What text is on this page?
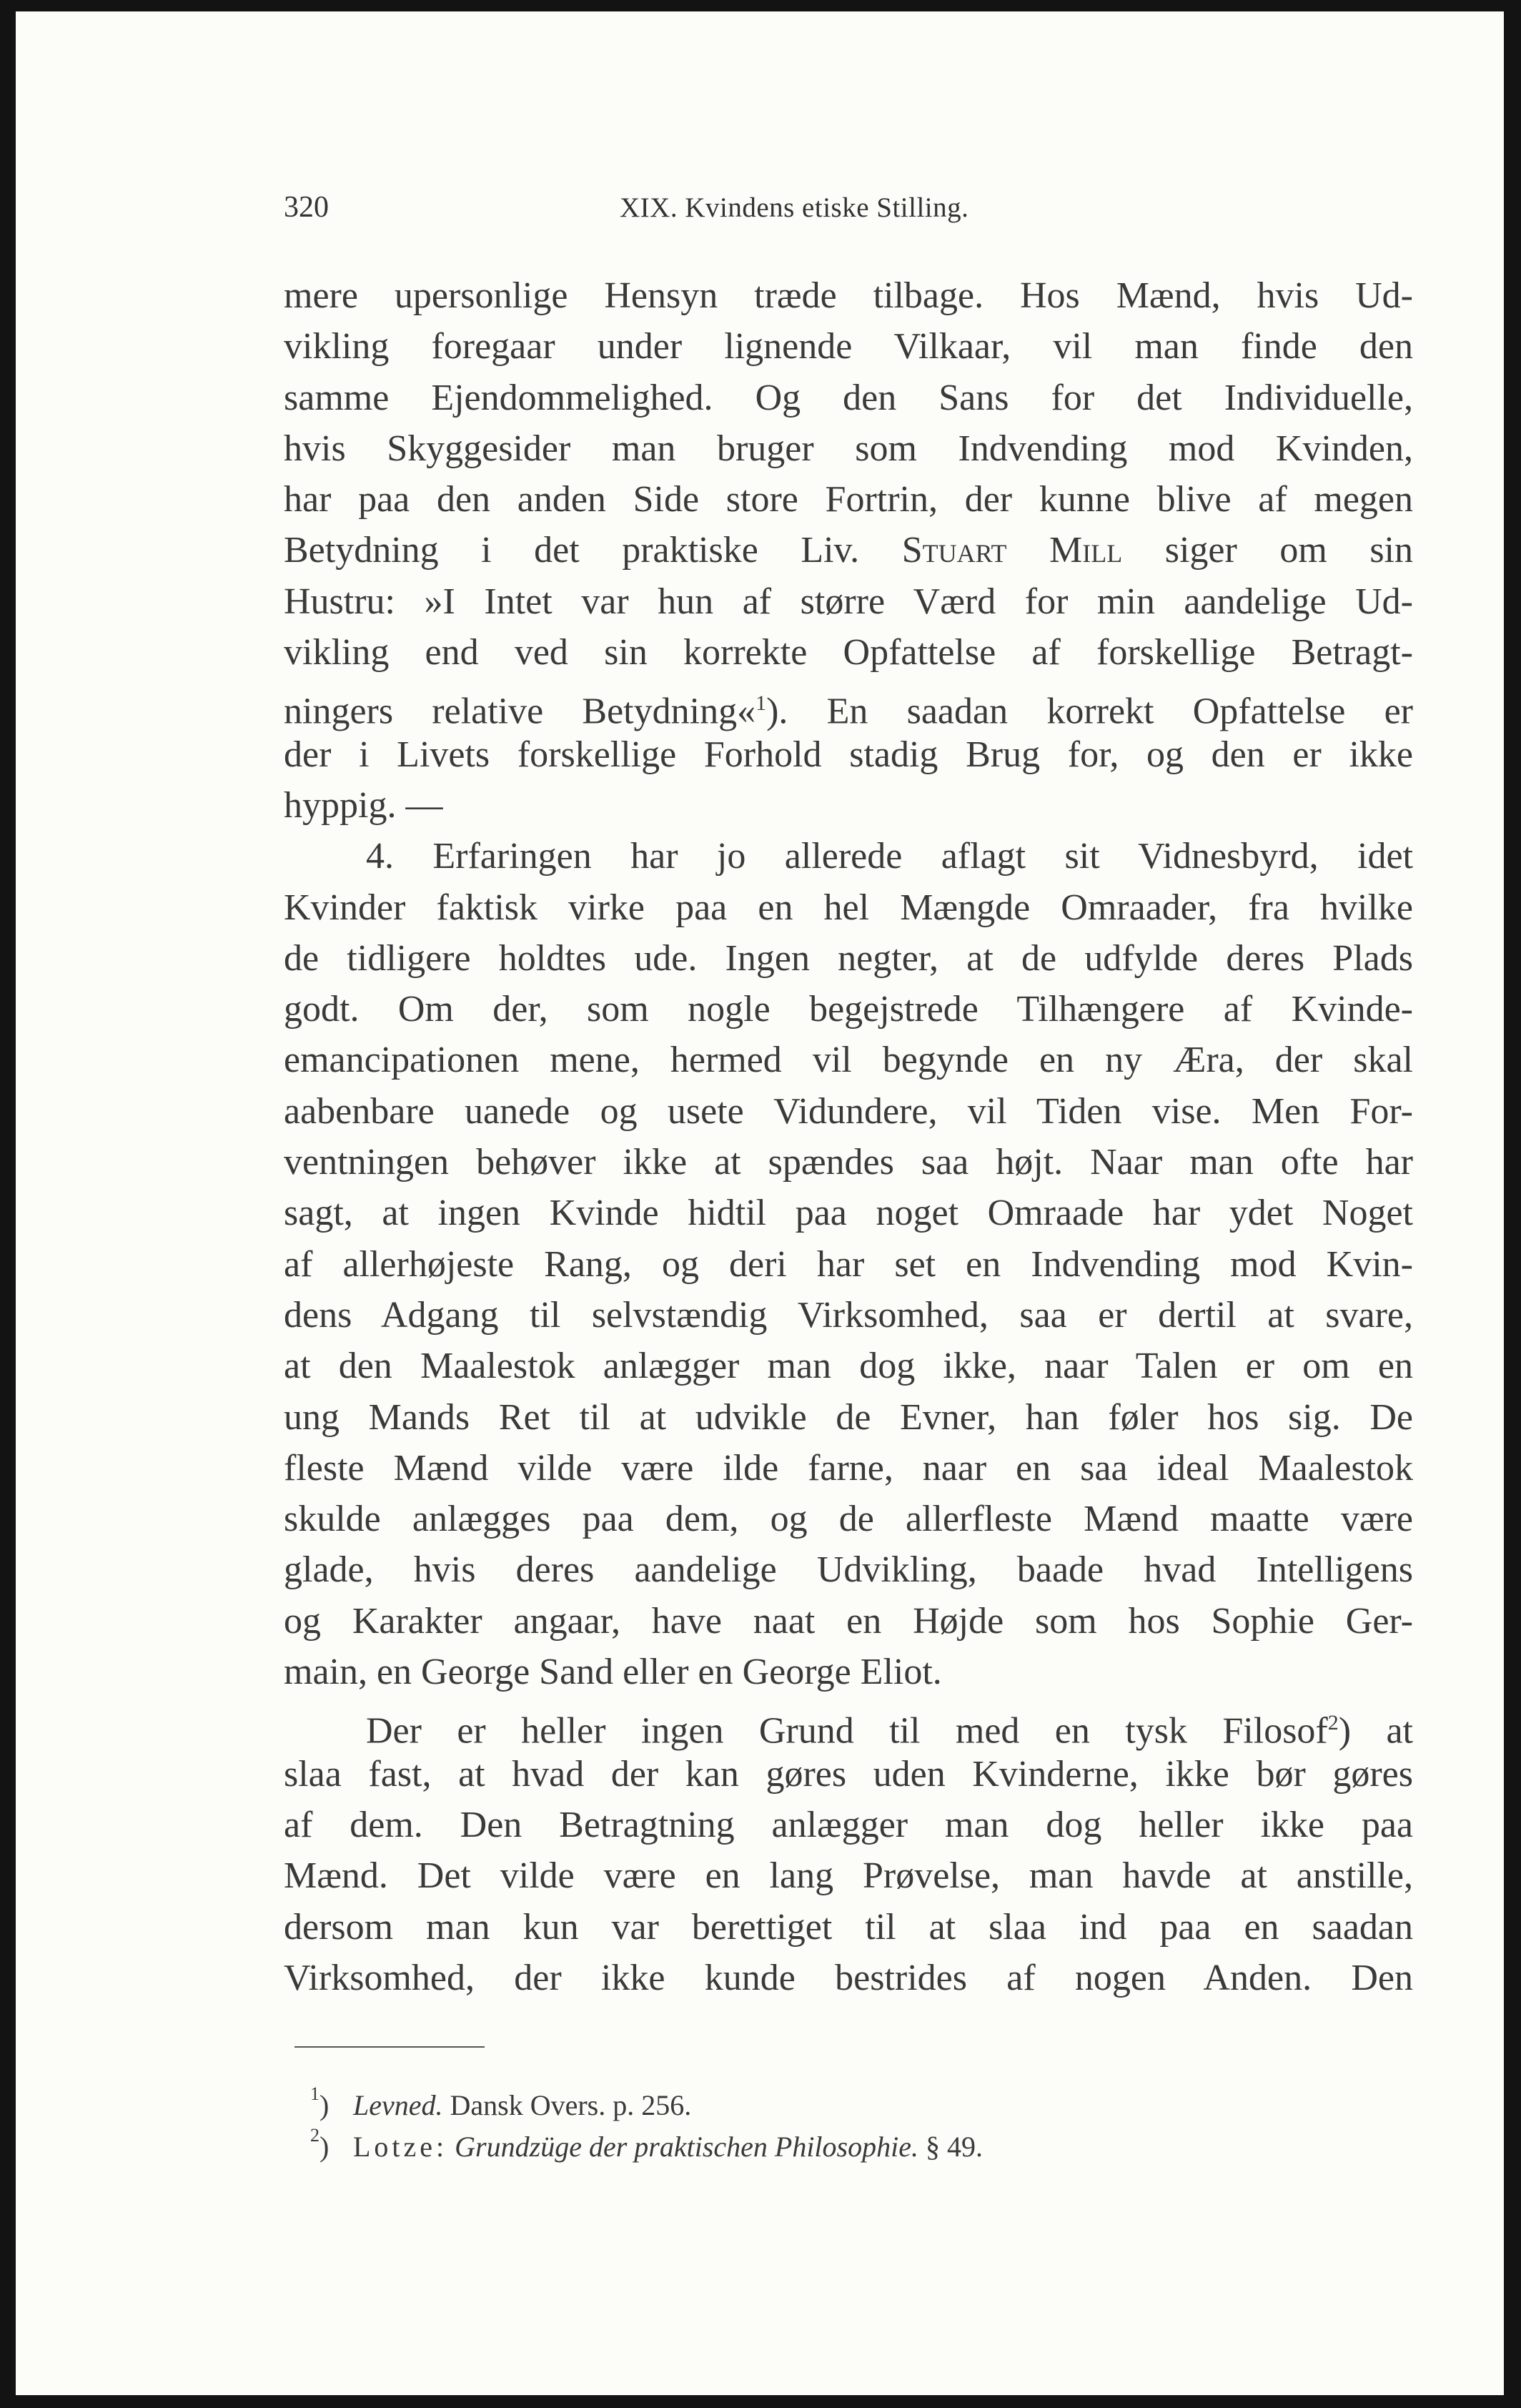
320	XIX. Kvindens etiske Stilling.
mere upersonlige Hensyn træde tilbage. Hos Mænd, hvis Ud-
vikling foregaar under lignende Vilkaar, vil man finde den
samme Ejendommelighed. Og den Sans for det Individuelle,
hvis Skyggesider man bruger som Indvending mod Kvinden,
har paa den anden Side store Fortrin, der kunne blive af megen
Betydning i det praktiske Liv. Stuart Mill siger om sin
Hustru: »I Intet var hun af større Værd for min aandelige Ud-
vikling end ved sin korrekte Opfattelse af forskellige Betragt-
ningers relative Betydning«$^1$). En saadan korrekt Opfattelse er
der i Livets forskellige Forhold stadig Brug for, og den er ikke
hyppig. —
4. Erfaringen har jo allerede aflagt sit Vidnesbyrd, idet
Kvinder faktisk virke paa en hel Mængde Omraader, fra hvilke
de tidligere holdtes ude. Ingen negter, at de udfylde deres Plads
godt. Om der, som nogle begejstrede Tilhængere af Kvinde-
emancipationen mene, hermed vil begynde en ny Æra, der skal
aabenbare uanede og usete Vidundere, vil Tiden vise. Men For-
ventningen behøver ikke at spændes saa højt. Naar man ofte har
sagt, at ingen Kvinde hidtil paa noget Omraade har ydet Noget
af allerhøjeste Rang, og deri har set en Indvending mod Kvin-
dens Adgang til selvstændig Virksomhed, saa er dertil at svare,
at den Maalestok anlægger man dog ikke, naar Talen er om en
ung Mands Ret til at udvikle de Evner, han føler hos sig. De
fleste Mænd vilde være ilde farne, naar en saa ideal Maalestok
skulde anlægges paa dem, og de allerfleste Mænd maatte være
glade, hvis deres aandelige Udvikling, baade hvad Intelligens
og Karakter angaar, have naat en Højde som hos Sophie Ger-
main, en George Sand eller en George Eliot.
Der er heller ingen Grund til med en tysk Filosof$^2$) at
slaa fast, at hvad der kan gøres uden Kvinderne, ikke bør gøres
af dem. Den Betragtning anlægger man dog heller ikke paa
Mænd. Det vilde være en lang Prøvelse, man havde at anstille,
dersom man kun var berettiget til at slaa ind paa en saadan
Virksomhed, der ikke kunde bestrides af nogen Anden. Den
$^1$) Levned. Dansk Overs. p. 256.
$^2$) Lotze: Grundzüge der praktischen Philosophie. § 49.
